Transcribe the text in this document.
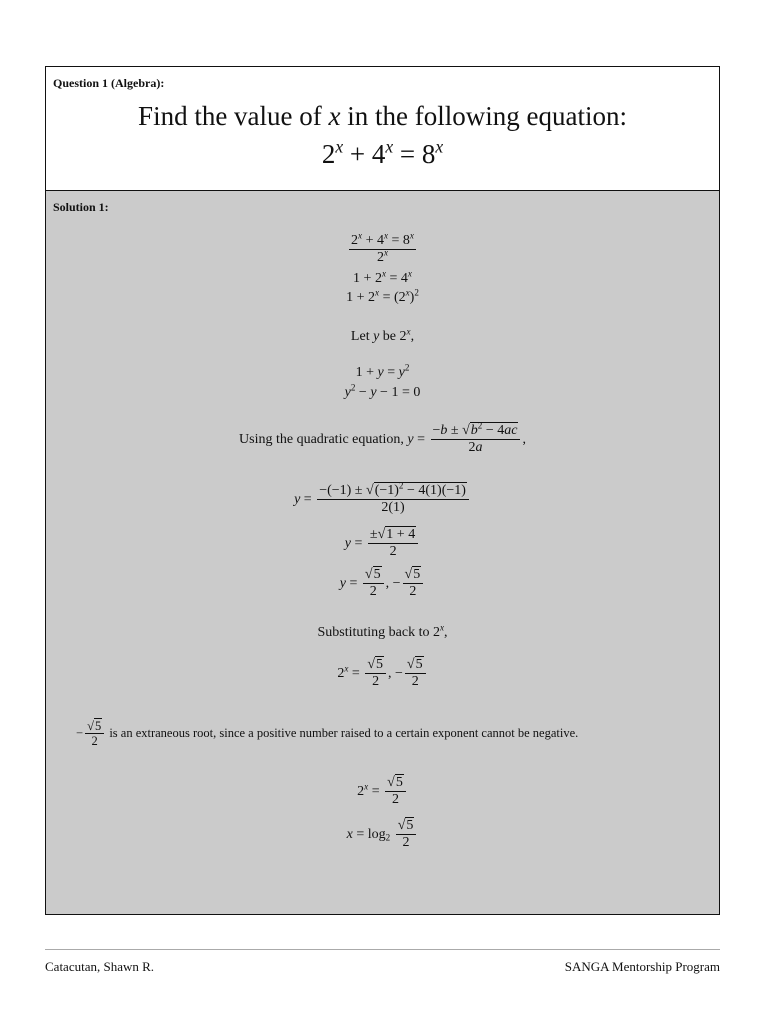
Question 1 (Algebra):
Find the value of x in the following equation:
$2^x + 4^x = 8^x$
Solution 1:
$\frac{2^x + 4^x = 8^x}{2^x}$
$1 + 2^x = 4^x$
$1 + 2^x = (2^x)^2$
Let y be 2$^x$,
$1 + y = y^2$
$y^2 - y - 1 = 0$
Using the quadratic equation, $y = \frac{-b \pm √b^2 - 4ac}{2a}$ ,
$y = \frac{-(-1) \pm √(-1)^2 - 4(1)(-1)}{2(1)}$
$y = \frac{\pm√1 + 4}{2}$
$y = \frac{√5}{2}$ , − $\frac{√5}{2}$
Substituting back to 2$^x$,
$2^x = \frac{√5}{2}$ , − $\frac{√5}{2}$
− $\frac{√5}{2}$ is an extraneous root, since a positive number raised to a certain exponent cannot be negative.
$2^x = \frac{√5}{2}$
$x = \log_2 \frac{√5}{2}$
Catacutan, Shawn R.	SANGA Mentorship Program
